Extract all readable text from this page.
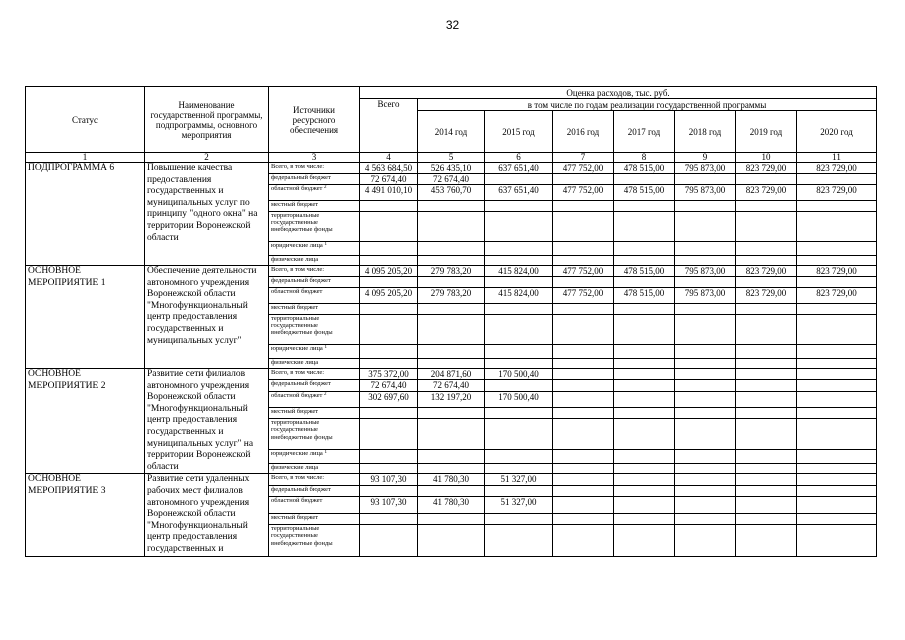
32
Статус	Наименование государственной программы, подпрограммы, основного мероприятия	Источники ресурсного обеспечения	Оценка расходов, тыс. руб.							
			Всего	в том числе по годам реализации государственной программы						
				2014 год	2015 год	2016 год	2017 год	2018 год	2019 год	2020 год
1	2	3	4	5	6	7	8	9	10	11
ПОДПРОГРАММА 6	Повышение качества предоставления государственных и муниципальных услуг по принципу "одного окна" на территории Воронежской области	Всего, в том числе:	4 563 684,50	526 435,10	637 651,40	477 752,00	478 515,00	795 873,00	823 729,00	823 729,00
		федеральный бюджет	72 674,40	72 674,40						
		областной бюджет $^2$	4 491 010,10	453 760,70	637 651,40	477 752,00	478 515,00	795 873,00	823 729,00	823 729,00
		местный бюджет								
		территориальные государственные внебюджетные фонды								
		юридические лица $^1$								
		физические лица								
ОСНОВНОЕ МЕРОПРИЯТИЕ 1	Обеспечение деятельности автономного учреждения Воронежской области "Многофункциональный центр предоставления государственных и муниципальных услуг"	Всего, в том числе:	4 095 205,20	279 783,20	415 824,00	477 752,00	478 515,00	795 873,00	823 729,00	823 729,00
		федеральный бюджет								
		областной бюджет	4 095 205,20	279 783,20	415 824,00	477 752,00	478 515,00	795 873,00	823 729,00	823 729,00
		местный бюджет								
		территориальные государственные внебюджетные фонды								
		юридические лица $^1$								
		физические лица								
ОСНОВНОЕ МЕРОПРИЯТИЕ 2	Развитие сети филиалов автономного учреждения Воронежской области "Многофункциональный центр предоставления государственных и муниципальных услуг" на территории Воронежской области	Всего, в том числе:	375 372,00	204 871,60	170 500,40					
		федеральный бюджет	72 674,40	72 674,40						
		областной бюджет $^2$	302 697,60	132 197,20	170 500,40					
		местный бюджет								
		территориальные государственные внебюджетные фонды								
		юридические лица $^1$								
		физические лица								
ОСНОВНОЕ МЕРОПРИЯТИЕ 3	Развитие сети удаленных рабочих мест филиалов автономного учреждения Воронежской области "Многофункциональный центр предоставления государственных и	Всего, в том числе:	93 107,30	41 780,30	51 327,00					
		федеральный бюджет								
		областной бюджет	93 107,30	41 780,30	51 327,00					
		местный бюджет								
		территориальные государственные внебюджетные фонды								
